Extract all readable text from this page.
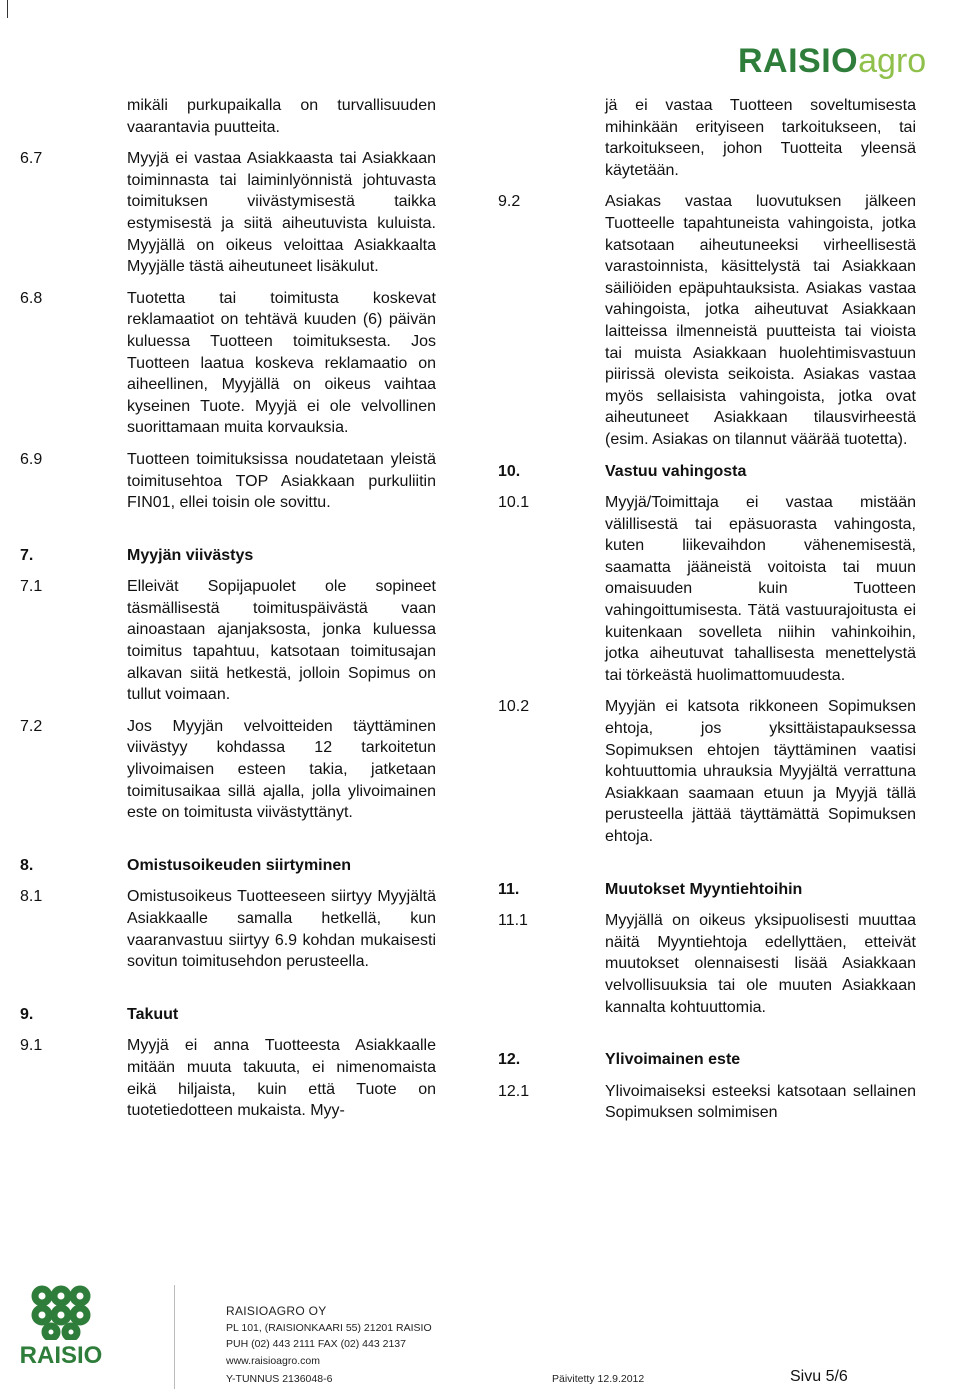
RAISIOagro
mikäli purkupaikalla on turvallisuuden vaarantavia puutteita.
6.7	Myyjä ei vastaa Asiakkaasta tai Asiakkaan toiminnasta tai laiminlyönnistä johtuvasta toimituksen viivästymisestä taikka estymisestä ja siitä aiheutuvista kuluista. Myyjällä on oikeus veloittaa Asiakkaalta Myyjälle tästä aiheutuneet lisäkulut.
6.8	Tuotetta tai toimitusta koskevat reklamaatiot on tehtävä kuuden (6) päivän kuluessa Tuotteen toimituksesta. Jos Tuotteen laatua koskeva reklamaatio on aiheellinen, Myyjällä on oikeus vaihtaa kyseinen Tuote. Myyjä ei ole velvollinen suorittamaan muita korvauksia.
6.9	Tuotteen toimituksissa noudatetaan yleistä toimitusehtoa TOP Asiakkaan purkuliitin FIN01, ellei toisin ole sovittu.
7.	Myyjän viivästys
7.1	Elleivät Sopijapuolet ole sopineet täsmällisestä toimituspäivästä vaan ainoastaan ajanjaksosta, jonka kuluessa toimitus tapahtuu, katsotaan toimitusajan alkavan siitä hetkestä, jolloin Sopimus on tullut voimaan.
7.2	Jos Myyjän velvoitteiden täyttäminen viivästyy kohdassa 12 tarkoitetun ylivoimaisen esteen takia, jatketaan toimitusaikaa sillä ajalla, jolla ylivoimainen este on toimitusta viivästyttänyt.
8.	Omistusoikeuden siirtyminen
8.1	Omistusoikeus Tuotteeseen siirtyy Myyjältä Asiakkaalle samalla hetkellä, kun vaaranvastuu siirtyy 6.9 kohdan mukaisesti sovitun toimitusehdon perusteella.
9.	Takuut
9.1	Myyjä ei anna Tuotteesta Asiakkaalle mitään muuta takuuta, ei nimenomaista eikä hiljaista, kuin että Tuote on tuotetiedotteen mukaista. Myy-
jä ei vastaa Tuotteen soveltumisesta mihinkään erityiseen tarkoitukseen, tai tarkoitukseen, johon Tuotteita yleensä käytetään.
9.2	Asiakas vastaa luovutuksen jälkeen Tuotteelle tapahtuneista vahingoista, jotka katsotaan aiheutuneeksi virheellisestä varastoinnista, käsittelystä tai Asiakkaan säiliöiden epäpuhtauksista. Asiakas vastaa vahingoista, jotka aiheutuvat Asiakkaan laitteissa ilmenneistä puutteista tai vioista tai muista Asiakkaan huolehtimisvastuun piirissä olevista seikoista. Asiakas vastaa myös sellaisista vahingoista, jotka ovat aiheutuneet Asiakkaan tilausvirheestä (esim. Asiakas on tilannut väärää tuotetta).
10.	Vastuu vahingosta
10.1	Myyjä/Toimittaja ei vastaa mistään välillisestä tai epäsuorasta vahingosta, kuten liikevaihdon vähenemisestä, saamatta jääneistä voitoista tai muun omaisuuden kuin Tuotteen vahingoittumisesta. Tätä vastuurajoitusta ei kuitenkaan sovelleta niihin vahinkoihin, jotka aiheutuvat tahallisesta menettelystä tai törkeästä huolimattomuudesta.
10.2	Myyjän ei katsota rikkoneen Sopimuksen ehtoja, jos yksittäistapauksessa Sopimuksen ehtojen täyttäminen vaatisi kohtuuttomia uhrauksia Myyjältä verrattuna Asiakkaan saamaan etuun ja Myyjä tällä perusteella jättää täyttämättä Sopimuksen ehtoja.
11.	Muutokset Myyntiehtoihin
11.1	Myyjällä on oikeus yksipuolisesti muuttaa näitä Myyntiehtoja edellyttäen, etteivät muutokset olennaisesti lisää Asiakkaan velvollisuuksia tai ole muuten Asiakkaan kannalta kohtuuttomia.
12.	Ylivoimainen este
12.1	Ylivoimaiseksi esteeksi katsotaan sellainen Sopimuksen solmimisen
RAISIO
RAISIOAGRO OY
PL 101, (RAISIONKAARI 55) 21201 RAISIO
PUH (02) 443 2111 FAX (02) 443 2137
www.raisioagro.com
Y-TUNNUS 2136048-6	Päivitetty 12.9.2012	Sivu 5/6
